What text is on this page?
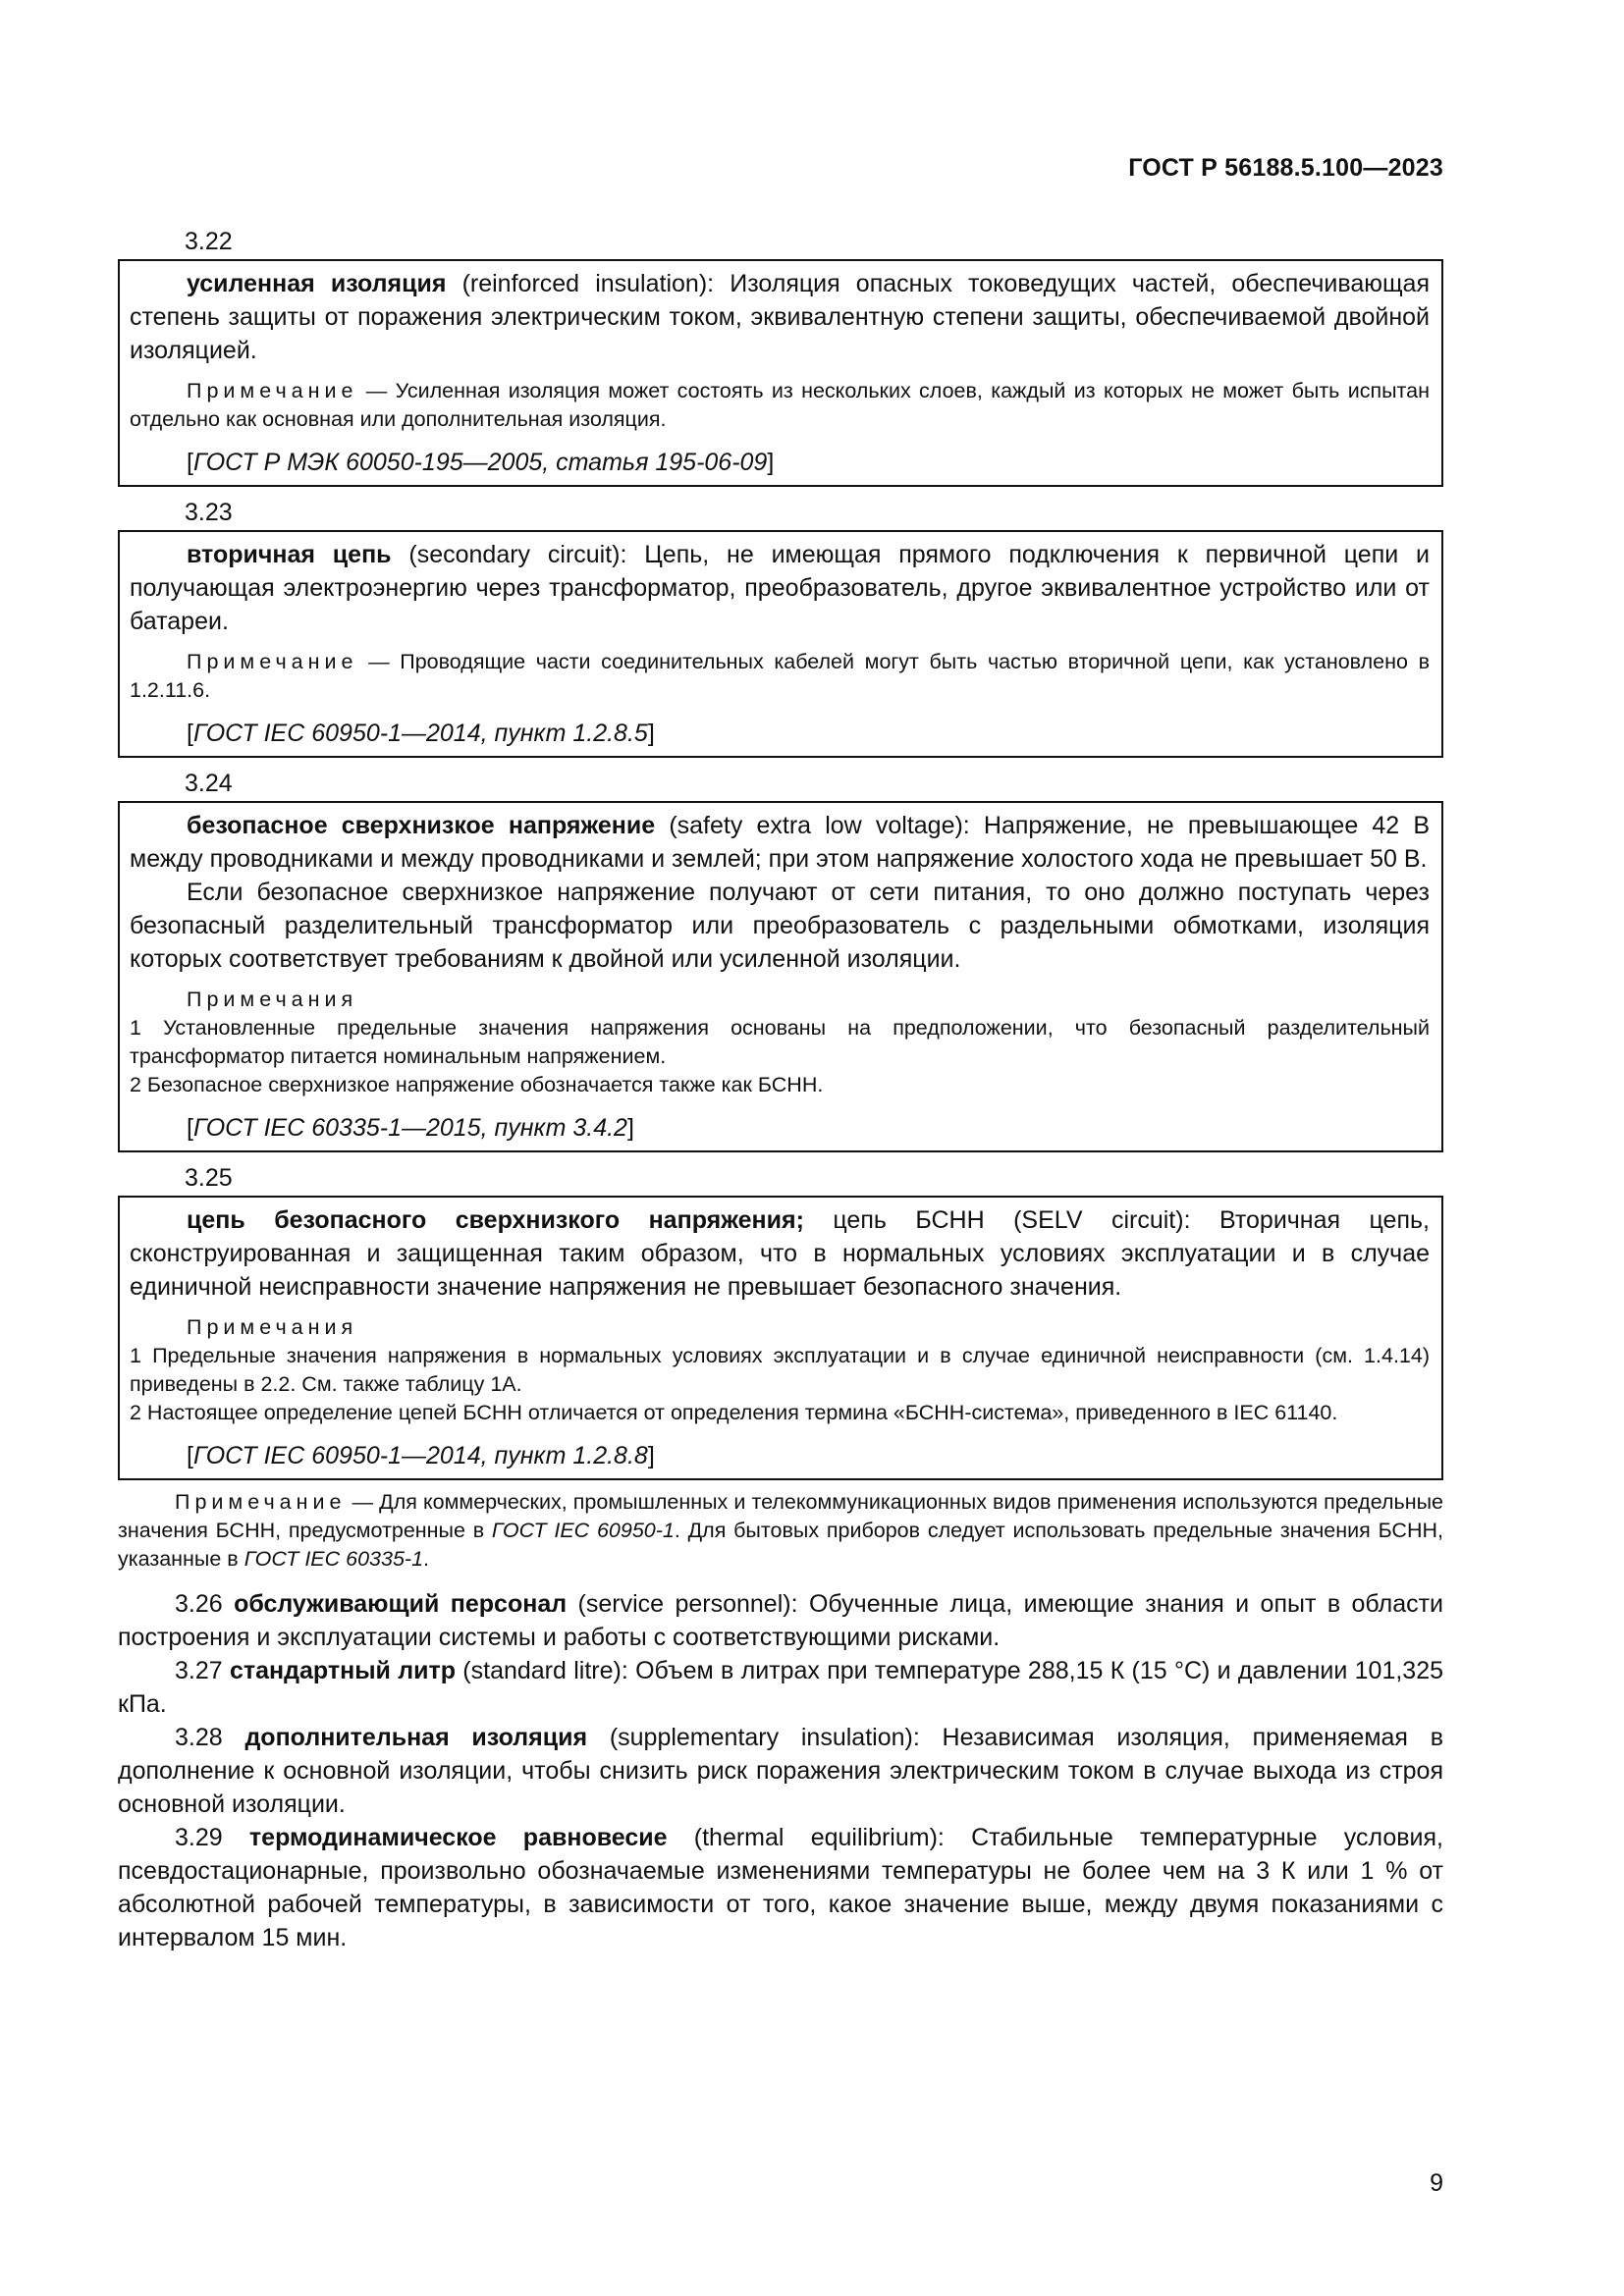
ГОСТ Р 56188.5.100—2023
3.22

усиленная изоляция (reinforced insulation): Изоляция опасных токоведущих частей, обеспечивающая степень защиты от поражения электрическим током, эквивалентную степени защиты, обеспечиваемой двойной изоляцией.

Примечание — Усиленная изоляция может состоять из нескольких слоев, каждый из которых не может быть испытан отдельно как основная или дополнительная изоляция.

[ГОСТ Р МЭК 60050-195—2005, статья 195-06-09]

3.23

вторичная цепь (secondary circuit): Цепь, не имеющая прямого подключения к первичной цепи и получающая электроэнергию через трансформатор, преобразователь, другое эквивалентное устройство или от батареи.

Примечание — Проводящие части соединительных кабелей могут быть частью вторичной цепи, как установлено в 1.2.11.6.

[ГОСТ IEC 60950-1—2014, пункт 1.2.8.5]

3.24

безопасное сверхнизкое напряжение (safety extra low voltage): Напряжение, не превышающее 42 В между проводниками и между проводниками и землей; при этом напряжение холостого хода не превышает 50 В.

Если безопасное сверхнизкое напряжение получают от сети питания, то оно должно поступать через безопасный разделительный трансформатор или преобразователь с раздельными обмотками, изоляция которых соответствует требованиям к двойной или усиленной изоляции.

Примечания

1 Установленные предельные значения напряжения основаны на предположении, что безопасный разделительный трансформатор питается номинальным напряжением.

2 Безопасное сверхнизкое напряжение обозначается также как БСНН.

[ГОСТ IEC 60335-1—2015, пункт 3.4.2]

3.25

цепь безопасного сверхнизкого напряжения; цепь БСНН (SELV circuit): Вторичная цепь, сконструированная и защищенная таким образом, что в нормальных условиях эксплуатации и в случае единичной неисправности значение напряжения не превышает безопасного значения.

Примечания

1 Предельные значения напряжения в нормальных условиях эксплуатации и в случае единичной неисправности (см. 1.4.14) приведены в 2.2. См. также таблицу 1А.

2 Настоящее определение цепей БСНН отличается от определения термина «БСНН-система», приведенного в IEC 61140.

[ГОСТ IEC 60950-1—2014, пункт 1.2.8.8]

Примечание — Для коммерческих, промышленных и телекоммуникационных видов применения используются предельные значения БСНН, предусмотренные в ГОСТ IEC 60950-1. Для бытовых приборов следует использовать предельные значения БСНН, указанные в ГОСТ IEC 60335-1.

3.26 обслуживающий персонал (service personnel): Обученные лица, имеющие знания и опыт в области построения и эксплуатации системы и работы с соответствующими рисками.

3.27 стандартный литр (standard litre): Объем в литрах при температуре 288,15 К (15 °С) и давлении 101,325 кПа.

3.28 дополнительная изоляция (supplementary insulation): Независимая изоляция, применяемая в дополнение к основной изоляции, чтобы снизить риск поражения электрическим током в случае выхода из строя основной изоляции.

3.29 термодинамическое равновесие (thermal equilibrium): Стабильные температурные условия, псевдостационарные, произвольно обозначаемые изменениями температуры не более чем на 3 К или 1 % от абсолютной рабочей температуры, в зависимости от того, какое значение выше, между двумя показаниями с интервалом 15 мин.

9
